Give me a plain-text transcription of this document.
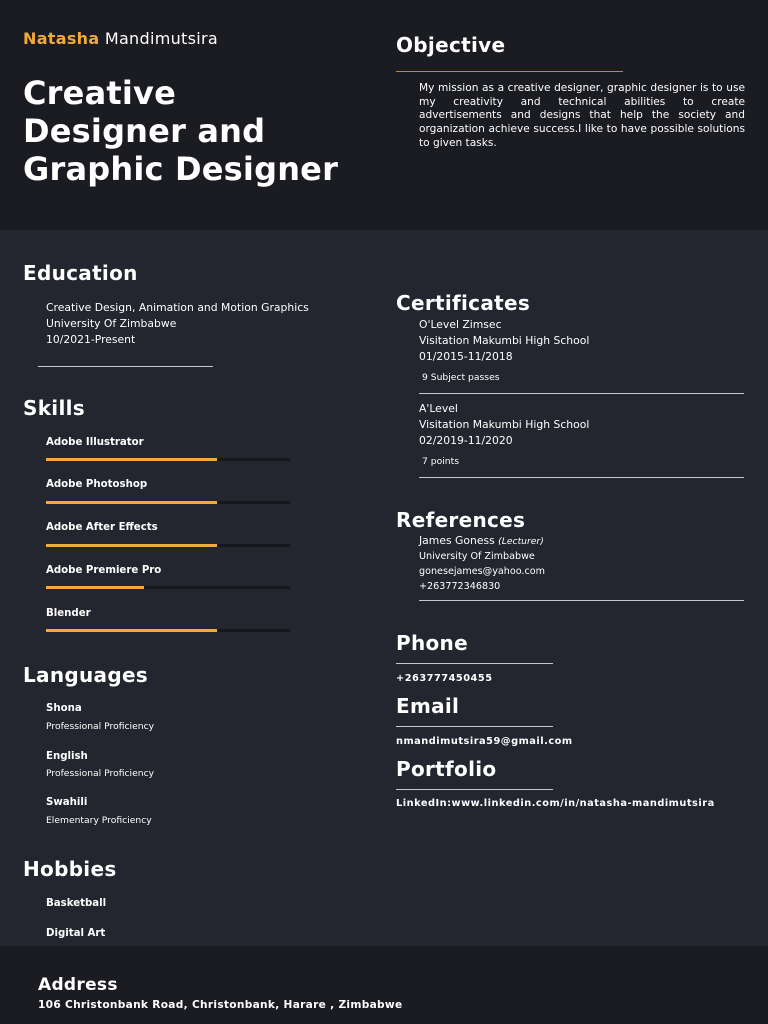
Natasha Mandimutsira
Creative Designer and Graphic Designer
Objective
My mission as a creative designer, graphic designer is to use my creativity and technical abilities to create advertisements and designs that help the society and organization achieve success.I like to have possible solutions to given tasks.
Education
Creative Design, Animation and Motion Graphics
University Of Zimbabwe
10/2021-Present
Skills
Adobe Illustrator
Adobe Photoshop
Adobe After Effects
Adobe Premiere Pro
Blender
Languages
Shona
Professional Proficiency
English
Professional Proficiency
Swahili
Elementary Proficiency
Hobbies
Basketball
Digital Art
Certificates
O'Level Zimsec
Visitation Makumbi High School
01/2015-11/2018
9 Subject passes
A'Level
Visitation Makumbi High School
02/2019-11/2020
7 points
References
James Goness (Lecturer)
University Of Zimbabwe
gonesejames@yahoo.com
+263772346830
Phone
+263777450455
Email
nmandimutsira59@gmail.com
Portfolio
LinkedIn:www.linkedin.com/in/natasha-mandimutsira
Address
106 Christonbank Road, Christonbank, Harare , Zimbabwe
